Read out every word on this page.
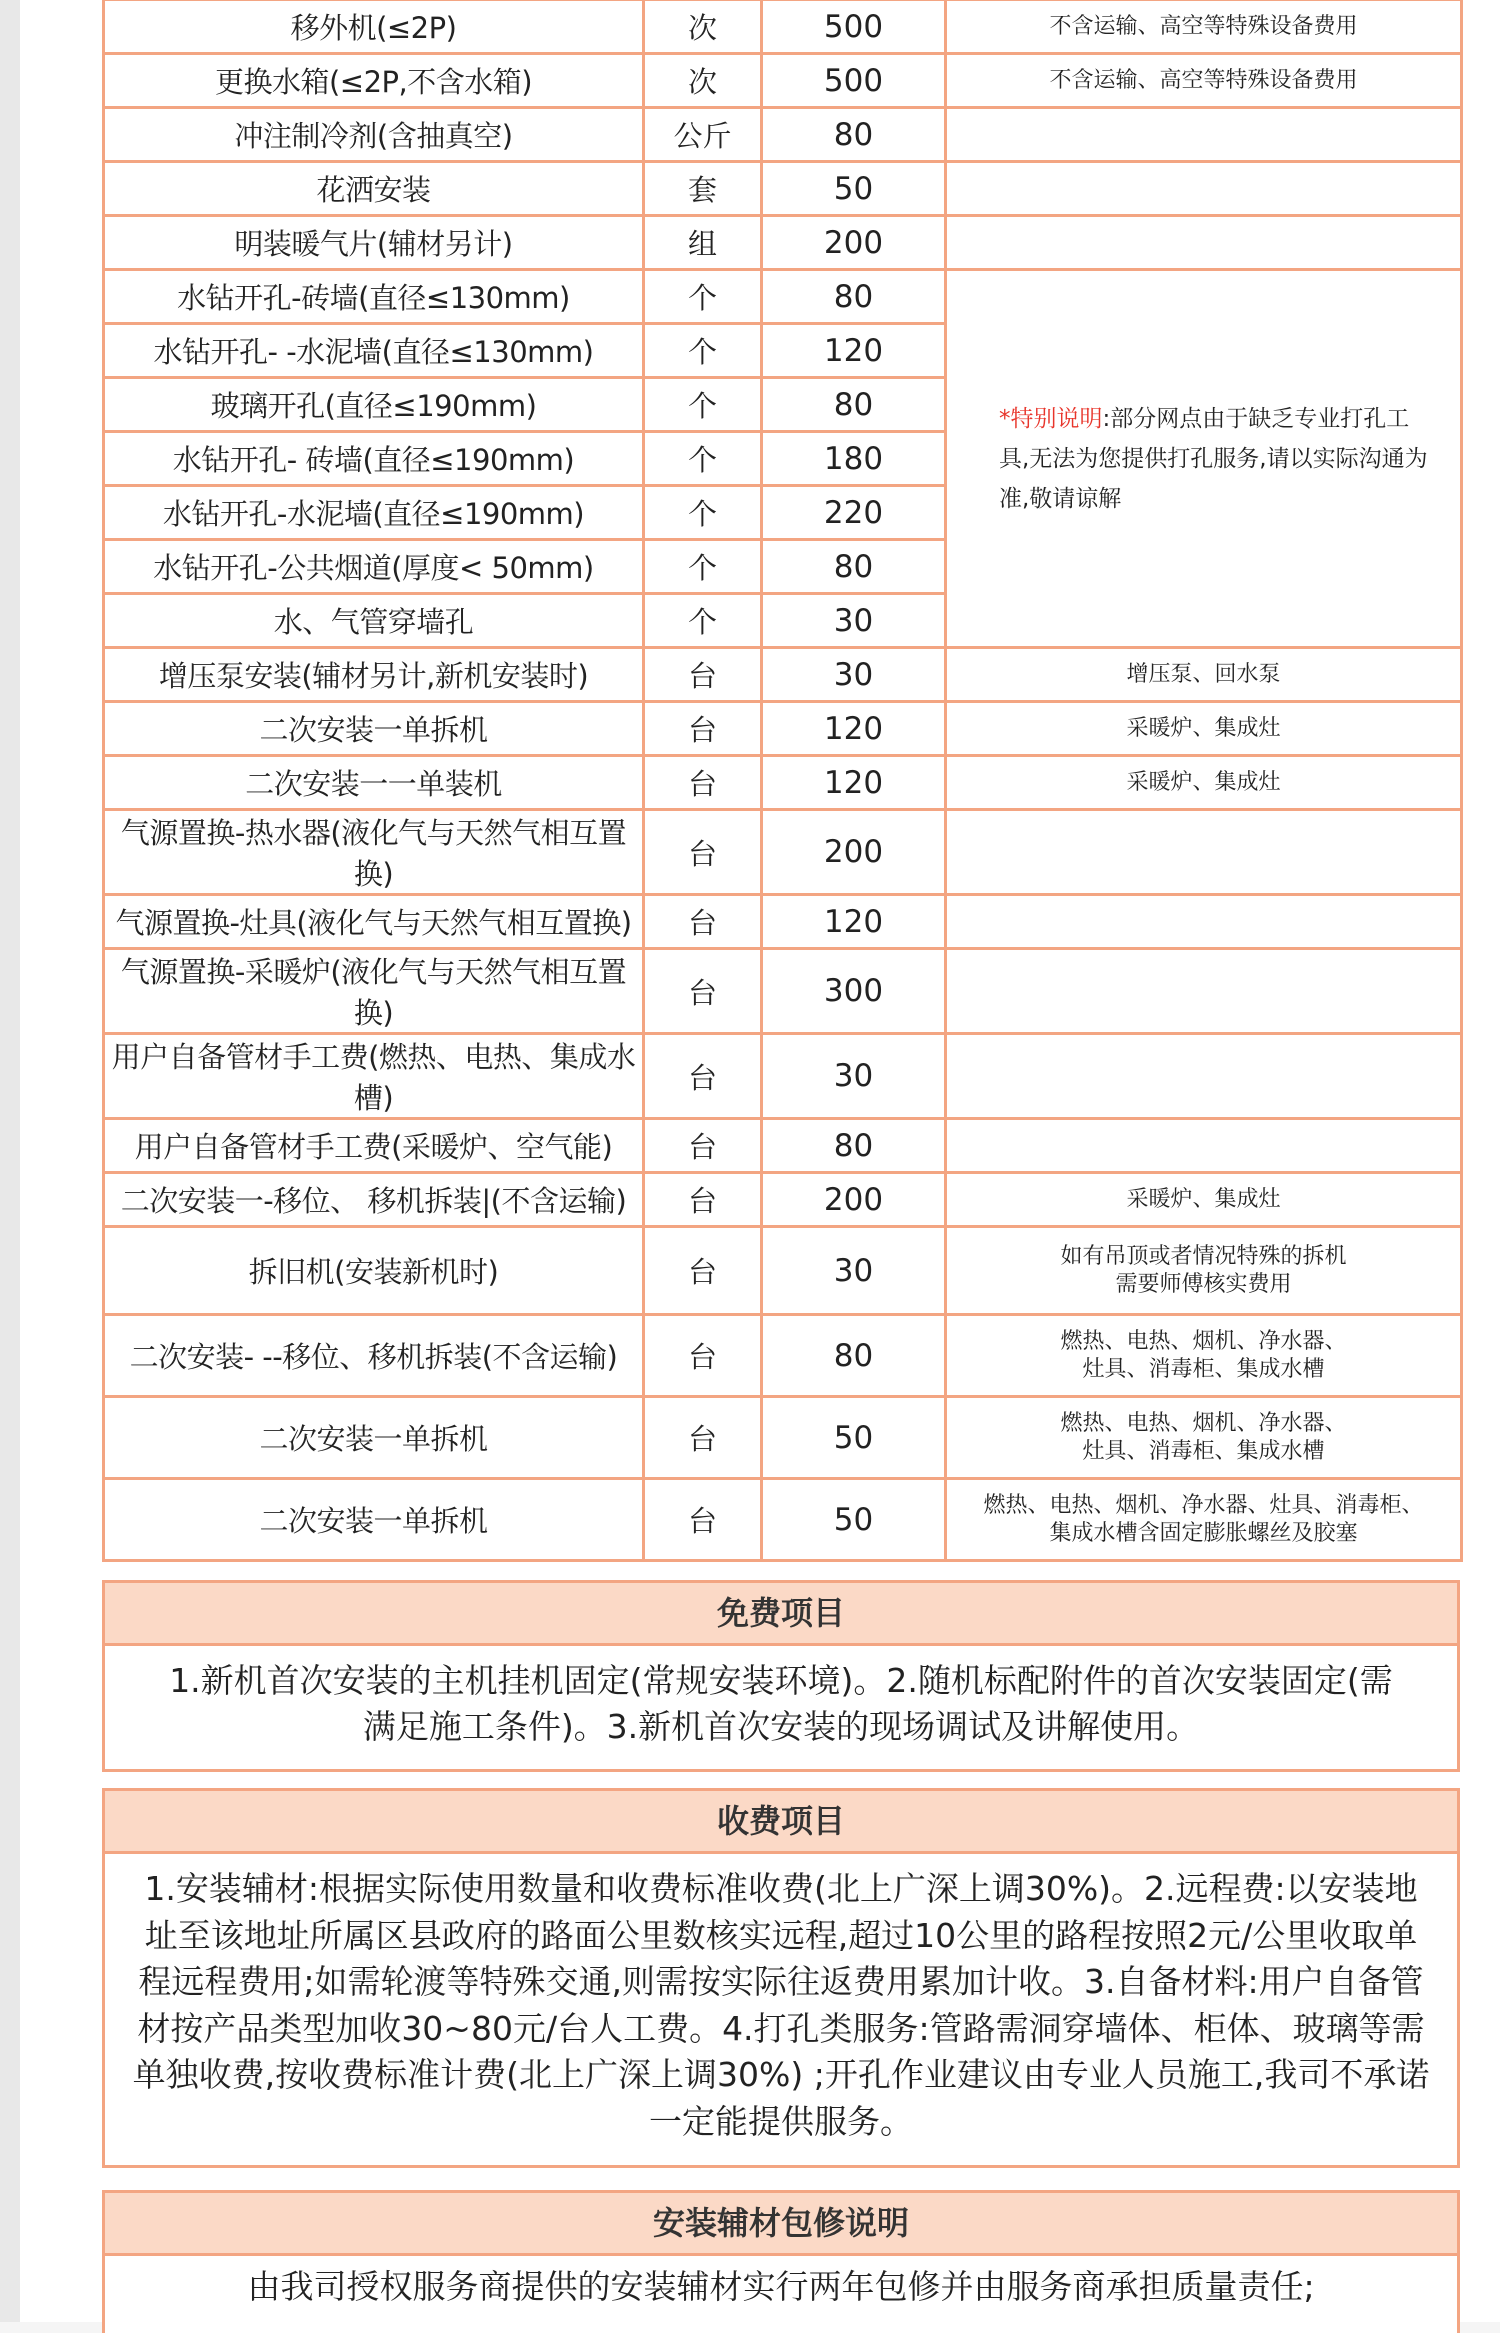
移外机(≤2P)	次	500	不含运输、高空等特殊设备费用
更换水箱(≤2P,不含水箱)	次	500	不含运输、高空等特殊设备费用
冲注制冷剂(含抽真空)	公斤	80	
花洒安装	套	50	
明装暖气片(辅材另计)	组	200	
水钻开孔-砖墙(直径≤130mm)	个	80	*特别说明:部分网点由于缺乏专业打孔工具,无法为您提供打孔服务,请以实际沟通为准,敬请谅解
水钻开孔- -水泥墙(直径≤130mm)	个	120	
玻璃开孔(直径≤190mm)	个	80	
水钻开孔- 砖墙(直径≤190mm)	个	180	
水钻开孔-水泥墙(直径≤190mm)	个	220	
水钻开孔-公共烟道(厚度< 50mm)	个	80	
水、气管穿墙孔	个	30	
增压泵安装(辅材另计,新机安装时)	台	30	增压泵、回水泵
二次安装一单拆机	台	120	采暖炉、集成灶
二次安装一一单装机	台	120	采暖炉、集成灶
气源置换-热水器(液化气与天然气相互置换)	台	200	
气源置换-灶具(液化气与天然气相互置换)	台	120	
气源置换-采暖炉(液化气与天然气相互置换)	台	300	
用户自备管材手工费(燃热、电热、集成水槽)	台	30	
用户自备管材手工费(采暖炉、空气能)	台	80	
二次安装一-移位、 移机拆装|(不含运输)	台	200	采暖炉、集成灶
拆旧机(安装新机时)	台	30	如有吊顶或者情况特殊的拆机
需要师傅核实费用
二次安装- --移位、移机拆装(不含运输)	台	80	燃热、电热、烟机、净水器、
灶具、消毒柜、集成水槽
二次安装一单拆机	台	50	燃热、电热、烟机、净水器、
灶具、消毒柜、集成水槽
二次安装一单拆机	台	50	燃热、电热、烟机、净水器、灶具、消毒柜、
集成水槽含固定膨胀螺丝及胶塞
免费项目
1.新机首次安装的主机挂机固定(常规安装环境)。2.随机标配附件的首次安装固定(需满足施工条件)。3.新机首次安装的现场调试及讲解使用。
收费项目
1.安装辅材:根据实际使用数量和收费标准收费(北上广深上调30%)。2.远程费:以安装地址至该地址所属区县政府的路面公里数核实远程,超过10公里的路程按照2元/公里收取单程远程费用;如需轮渡等特殊交通,则需按实际往返费用累加计收。3.自备材料:用户自备管材按产品类型加收30~80元/台人工费。4.打孔类服务:管路需洞穿墙体、柜体、玻璃等需单独收费,按收费标准计费(北上广深上调30%) ;开孔作业建议由专业人员施工,我司不承诺一定能提供服务。
安装辅材包修说明
由我司授权服务商提供的安装辅材实行两年包修并由服务商承担质量责任;
